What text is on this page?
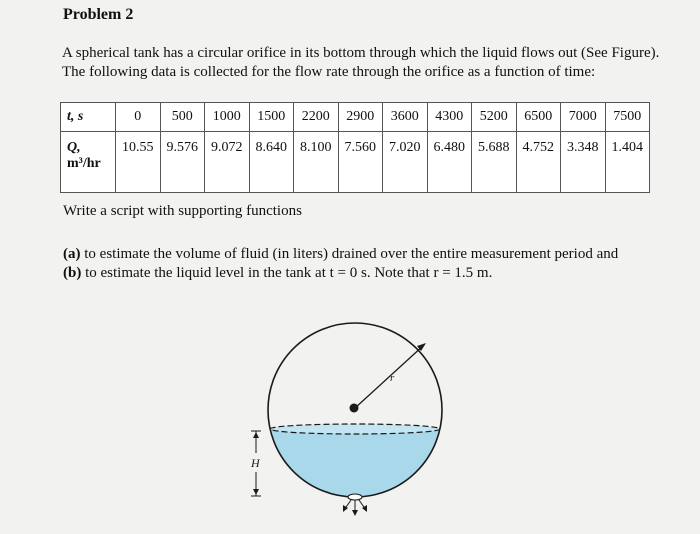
Problem 2
A spherical tank has a circular orifice in its bottom through which the liquid flows out (See Figure).
The following data is collected for the flow rate through the orifice as a function of time:
t, s	0	500	1000	1500	2200	2900	3600	4300	5200	6500	7000	7500
Q,
m³/hr	10.55	9.576	9.072	8.640	8.100	7.560	7.020	6.480	5.688	4.752	3.348	1.404
Write a script with supporting functions
(a) to estimate the volume of fluid (in liters) drained over the entire measurement period and
(b) to estimate the liquid level in the tank at t = 0 s. Note that r = 1.5 m.
r
H
